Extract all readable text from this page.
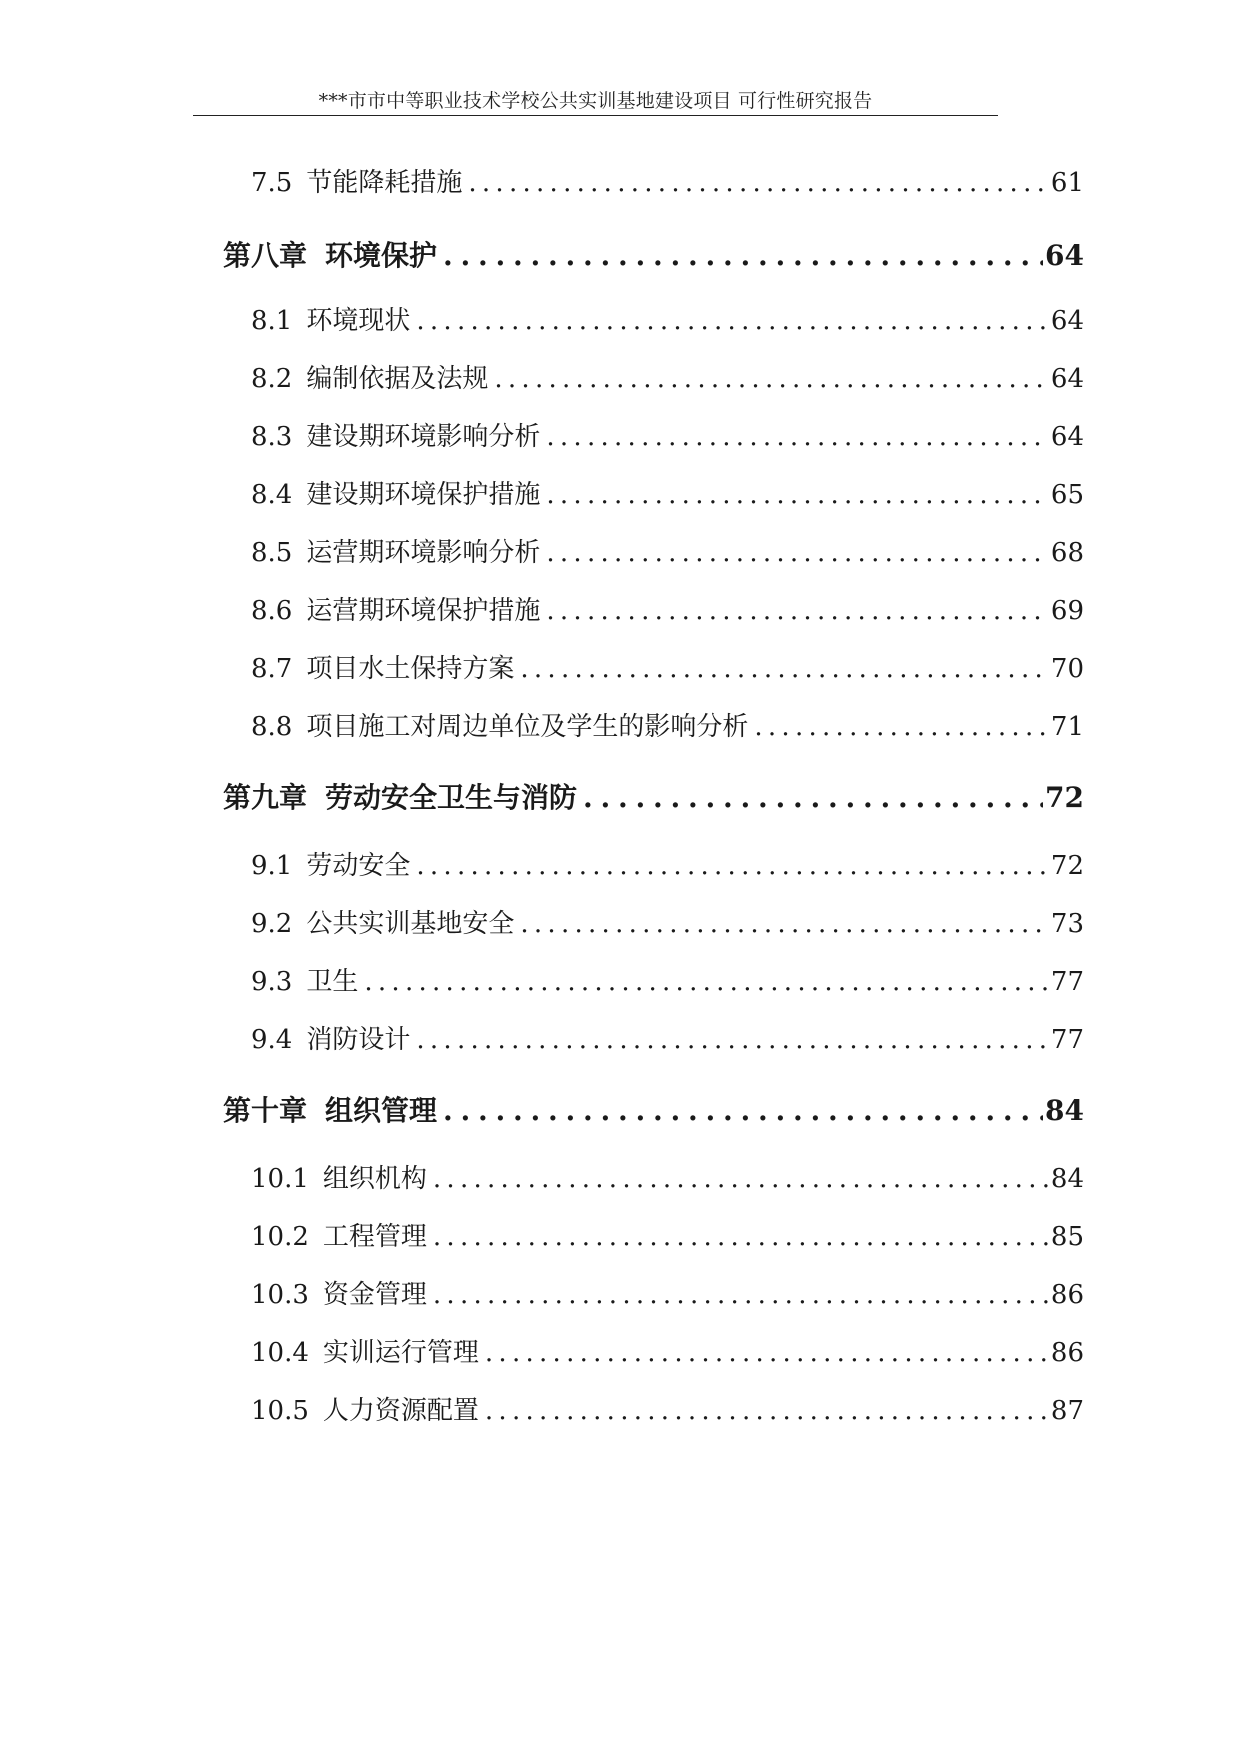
***市市中等职业技术学校公共实训基地建设项目 可行性研究报告
7.5 节能降耗措施 . . .	61
第八章 环境保护 . . .	64
8.1 环境现状 . . .	64
8.2 编制依据及法规 . . .	64
8.3 建设期环境影响分析 . . .	64
8.4 建设期环境保护措施 . . .	65
8.5 运营期环境影响分析 . . .	68
8.6 运营期环境保护措施 . . .	69
8.7 项目水土保持方案 . . .	70
8.8 项目施工对周边单位及学生的影响分析 . . .	71
第九章 劳动安全卫生与消防 . . .	72
9.1 劳动安全 . . .	72
9.2 公共实训基地安全 . . .	73
9.3 卫生 . . .	77
9.4 消防设计 . . .	77
第十章 组织管理 . . .	84
10.1 组织机构 . . .	84
10.2 工程管理 . . .	85
10.3 资金管理 . . .	86
10.4 实训运行管理 . . .	86
10.5 人力资源配置 . . .	87
